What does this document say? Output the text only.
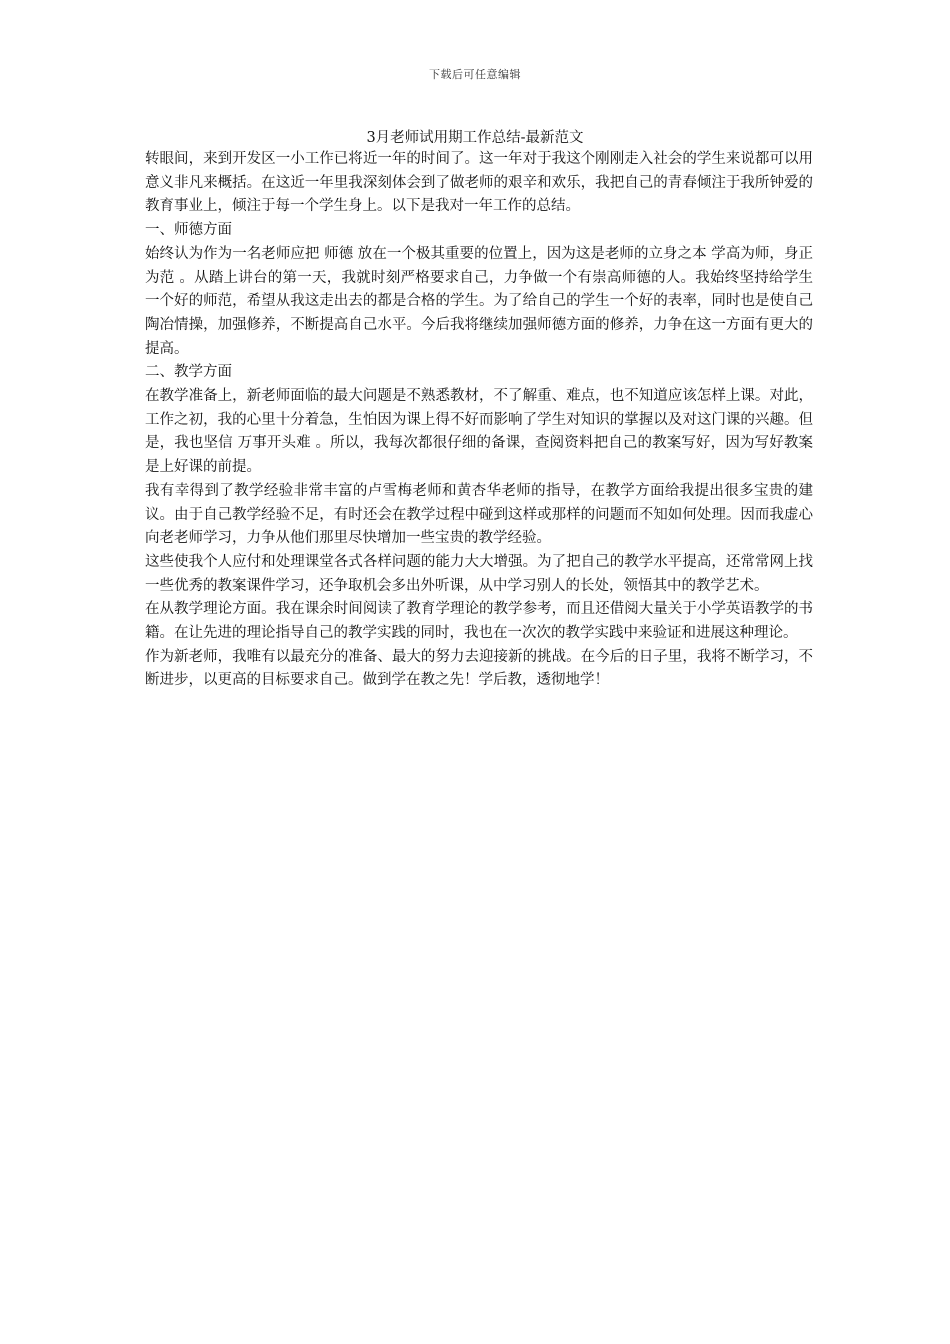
下载后可任意编辑
3月老师试用期工作总结-最新范文

转眼间，来到开发区一小工作已将近一年的时间了。这一年对于我这个刚刚走入社会的学生来说都可以用意义非凡来概括。在这近一年里我深刻体会到了做老师的艰辛和欢乐，我把自己的青春倾注于我所钟爱的教育事业上，倾注于每一个学生身上。以下是我对一年工作的总结。

一、师德方面

始终认为作为一名老师应把 师德 放在一个极其重要的位置上，因为这是老师的立身之本 学高为师，身正为范 。从踏上讲台的第一天，我就时刻严格要求自己，力争做一个有崇高师德的人。我始终坚持给学生一个好的师范，希望从我这走出去的都是合格的学生。为了给自己的学生一个好的表率，同时也是使自己陶冶情操，加强修养，不断提高自己水平。今后我将继续加强师德方面的修养，力争在这一方面有更大的提高。

二、教学方面

在教学准备上，新老师面临的最大问题是不熟悉教材，不了解重、难点，也不知道应该怎样上课。对此，工作之初，我的心里十分着急，生怕因为课上得不好而影响了学生对知识的掌握以及对这门课的兴趣。但是，我也坚信 万事开头难 。所以，我每次都很仔细的备课，查阅资料把自己的教案写好，因为写好教案是上好课的前提。

我有幸得到了教学经验非常丰富的卢雪梅老师和黄杏华老师的指导，在教学方面给我提出很多宝贵的建议。由于自己教学经验不足，有时还会在教学过程中碰到这样或那样的问题而不知如何处理。因而我虚心向老老师学习，力争从他们那里尽快增加一些宝贵的教学经验。

这些使我个人应付和处理课堂各式各样问题的能力大大增强。为了把自己的教学水平提高，还常常网上找一些优秀的教案课件学习，还争取机会多出外听课，从中学习别人的长处，领悟其中的教学艺术。

在从教学理论方面。我在课余时间阅读了教育学理论的教学参考，而且还借阅大量关于小学英语教学的书籍。在让先进的理论指导自己的教学实践的同时，我也在一次次的教学实践中来验证和进展这种理论。

作为新老师，我唯有以最充分的准备、最大的努力去迎接新的挑战。在今后的日子里，我将不断学习，不断进步，以更高的目标要求自己。做到学在教之先！学后教，透彻地学！
